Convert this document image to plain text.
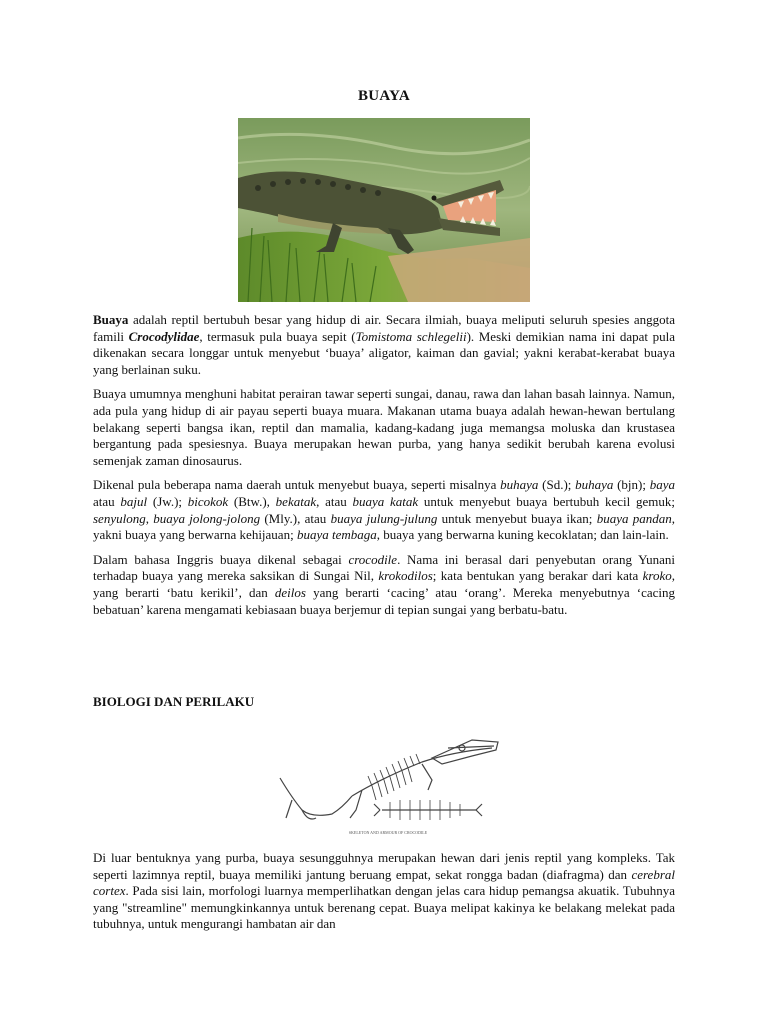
BUAYA

Buaya adalah reptil bertubuh besar yang hidup di air. Secara ilmiah, buaya meliputi seluruh spesies anggota famili Crocodylidae, termasuk pula buaya sepit (Tomistoma schlegelii). Meski demikian nama ini dapat pula dikenakan secara longgar untuk menyebut ‘buaya’ aligator, kaiman dan gavial; yakni kerabat-kerabat buaya yang berlainan suku.

Buaya umumnya menghuni habitat perairan tawar seperti sungai, danau, rawa dan lahan basah lainnya. Namun, ada pula yang hidup di air payau seperti buaya muara. Makanan utama buaya adalah hewan-hewan bertulang belakang seperti bangsa ikan, reptil dan mamalia, kadang-kadang juga memangsa moluska dan krustasea bergantung pada spesiesnya. Buaya merupakan hewan purba, yang hanya sedikit berubah karena evolusi semenjak zaman dinosaurus.

Dikenal pula beberapa nama daerah untuk menyebut buaya, seperti misalnya buhaya (Sd.); buhaya (bjn); baya atau bajul (Jw.); bicokok (Btw.), bekatak, atau buaya katak untuk menyebut buaya bertubuh kecil gemuk; senyulong, buaya jolong-jolong (Mly.), atau buaya julung-julung untuk menyebut buaya ikan; buaya pandan, yakni buaya yang berwarna kehijauan; buaya tembaga, buaya yang berwarna kuning kecoklatan; dan lain-lain.

Dalam bahasa Inggris buaya dikenal sebagai crocodile. Nama ini berasal dari penyebutan orang Yunani terhadap buaya yang mereka saksikan di Sungai Nil, krokodilos; kata bentukan yang berakar dari kata kroko, yang berarti ‘batu kerikil’, dan deilos yang berarti ‘cacing’ atau ‘orang’. Mereka menyebutnya ‘cacing bebatuan’ karena mengamati kebiasaan buaya berjemur di tepian sungai yang berbatu-batu.

BIOLOGI DAN PERILAKU
SKELETON AND ARMOUR OF CROCODILE

Di luar bentuknya yang purba, buaya sesungguhnya merupakan hewan dari jenis reptil yang kompleks. Tak seperti lazimnya reptil, buaya memiliki jantung beruang empat, sekat rongga badan (diafragma) dan cerebral cortex. Pada sisi lain, morfologi luarnya memperlihatkan dengan jelas cara hidup pemangsa akuatik. Tubuhnya yang "streamline" memungkinkannya untuk berenang cepat. Buaya melipat kakinya ke belakang melekat pada tubuhnya, untuk mengurangi hambatan air dan
